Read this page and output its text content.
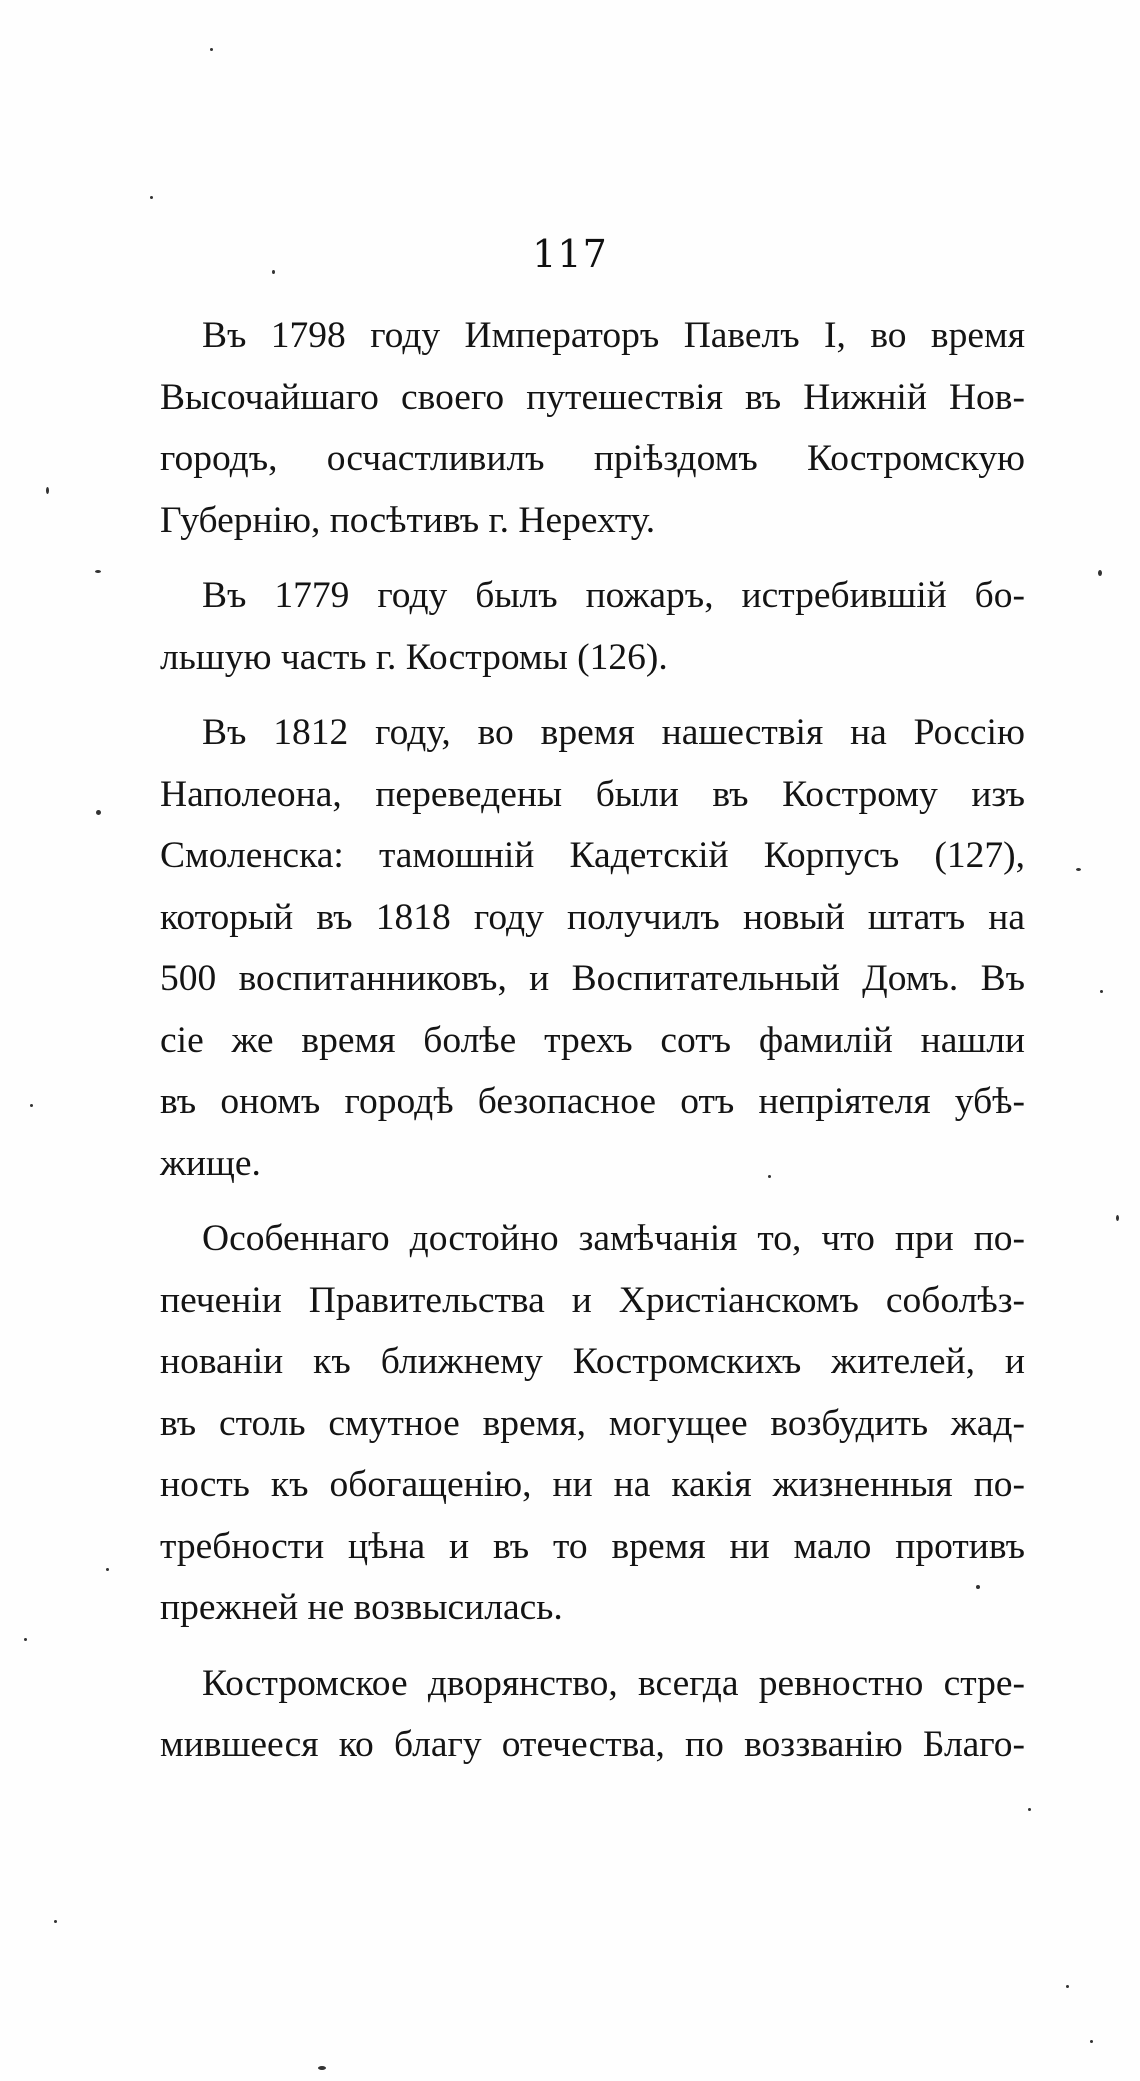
117
Въ 1798 году Императоръ Павелъ I, во время
Высочайшаго своего путешествія въ Нижній Нов-
городъ, осчастливилъ пріѣздомъ Костромскую
Губернію, посѣтивъ г. Нерехту.
Въ 1779 году былъ пожаръ, истребившій бо-
льшую часть г. Костромы (126).
Въ 1812 году, во время нашествія на Россію
Наполеона, переведены были въ Кострому изъ
Смоленска: тамошній Кадетскій Корпусъ (127),
который въ 1818 году получилъ новый штатъ на
500 воспитанниковъ, и Воспитательный Домъ. Въ
сіе же время болѣе трехъ сотъ фамилій нашли
въ ономъ городѣ безопасное отъ непріятеля убѣ-
жище.
Особеннаго достойно замѣчанія то, что при по-
печеніи Правительства и Христіанскомъ соболѣз-
нованіи къ ближнему Костромскихъ жителей, и
въ столь смутное время, могущее возбудить жад-
ность къ обогащенію, ни на какія жизненныя по-
требности цѣна и въ то время ни мало противъ
прежней не возвысилась.
Костромское дворянство, всегда ревностно стре-
мившееся ко благу отечества, по воззванію Благо-
